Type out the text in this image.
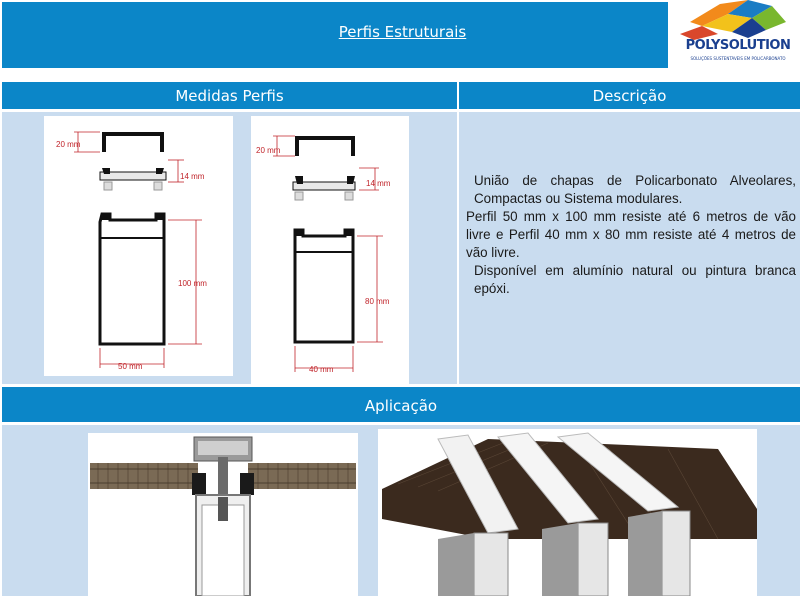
Perfis Estruturais
POLYSOLUTION
SOLUÇÕES SUSTENTÁVEIS EM POLICARBONATO
Medidas Perfis	Descrição
20 mm
14 mm
100 mm
50 mm
20 mm
14 mm
80 mm
40 mm

União de chapas de Policarbonato Alveolares, Compactas ou Sistema modulares.

Perfil 50 mm x 100 mm resiste até 6 metros de vão livre e Perfil 40 mm x 80 mm resiste até 4 metros de vão livre.

Disponível em alumínio natural ou pintura branca epóxi.

Aplicação
